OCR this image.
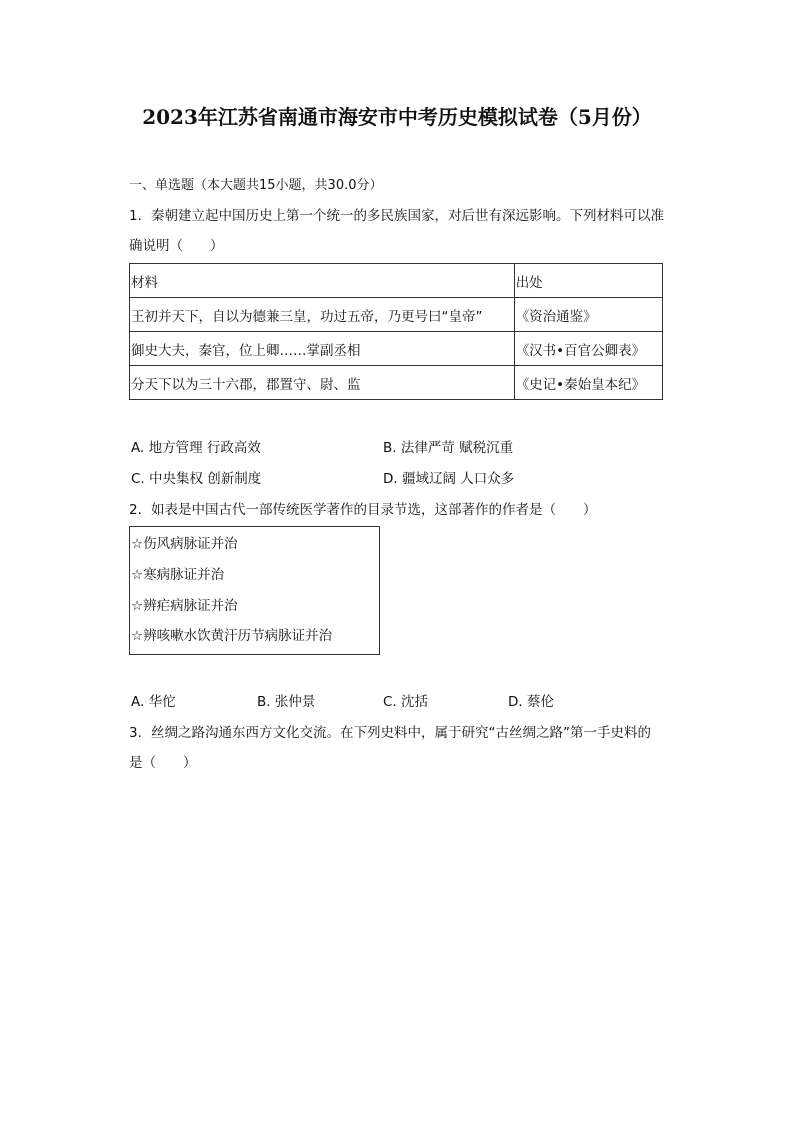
2023年江苏省南通市海安市中考历史模拟试卷（5月份）
一、单选题（本大题共15小题，共30.0分）
1. 秦朝建立起中国历史上第一个统一的多民族国家，对后世有深远影响。下列材料可以准
确说明（　　）
材料	出处
王初并天下，自以为德兼三皇，功过五帝，乃更号曰“皇帝”	《资治通鉴》
御史大夫，秦官，位上卿……掌副丞相	《汉书•百官公卿表》
分天下以为三十六郡，郡置守、尉、监	《史记•秦始皇本纪》
A. 地方管理 行政高效	B. 法律严苛 赋税沉重
C. 中央集权 创新制度	D. 疆域辽阔 人口众多
2. 如表是中国古代一部传统医学著作的目录节选，这部著作的作者是（　　）
☆伤风病脉证并治
☆寒病脉证并治
☆辨疟病脉证并治
☆辨咳嗽水饮黄汗历节病脉证并治
A. 华佗	B. 张仲景	C. 沈括	D. 蔡伦
3. 丝绸之路沟通东西方文化交流。在下列史料中，属于研究“古丝绸之路”第一手史料的
是（　　）
